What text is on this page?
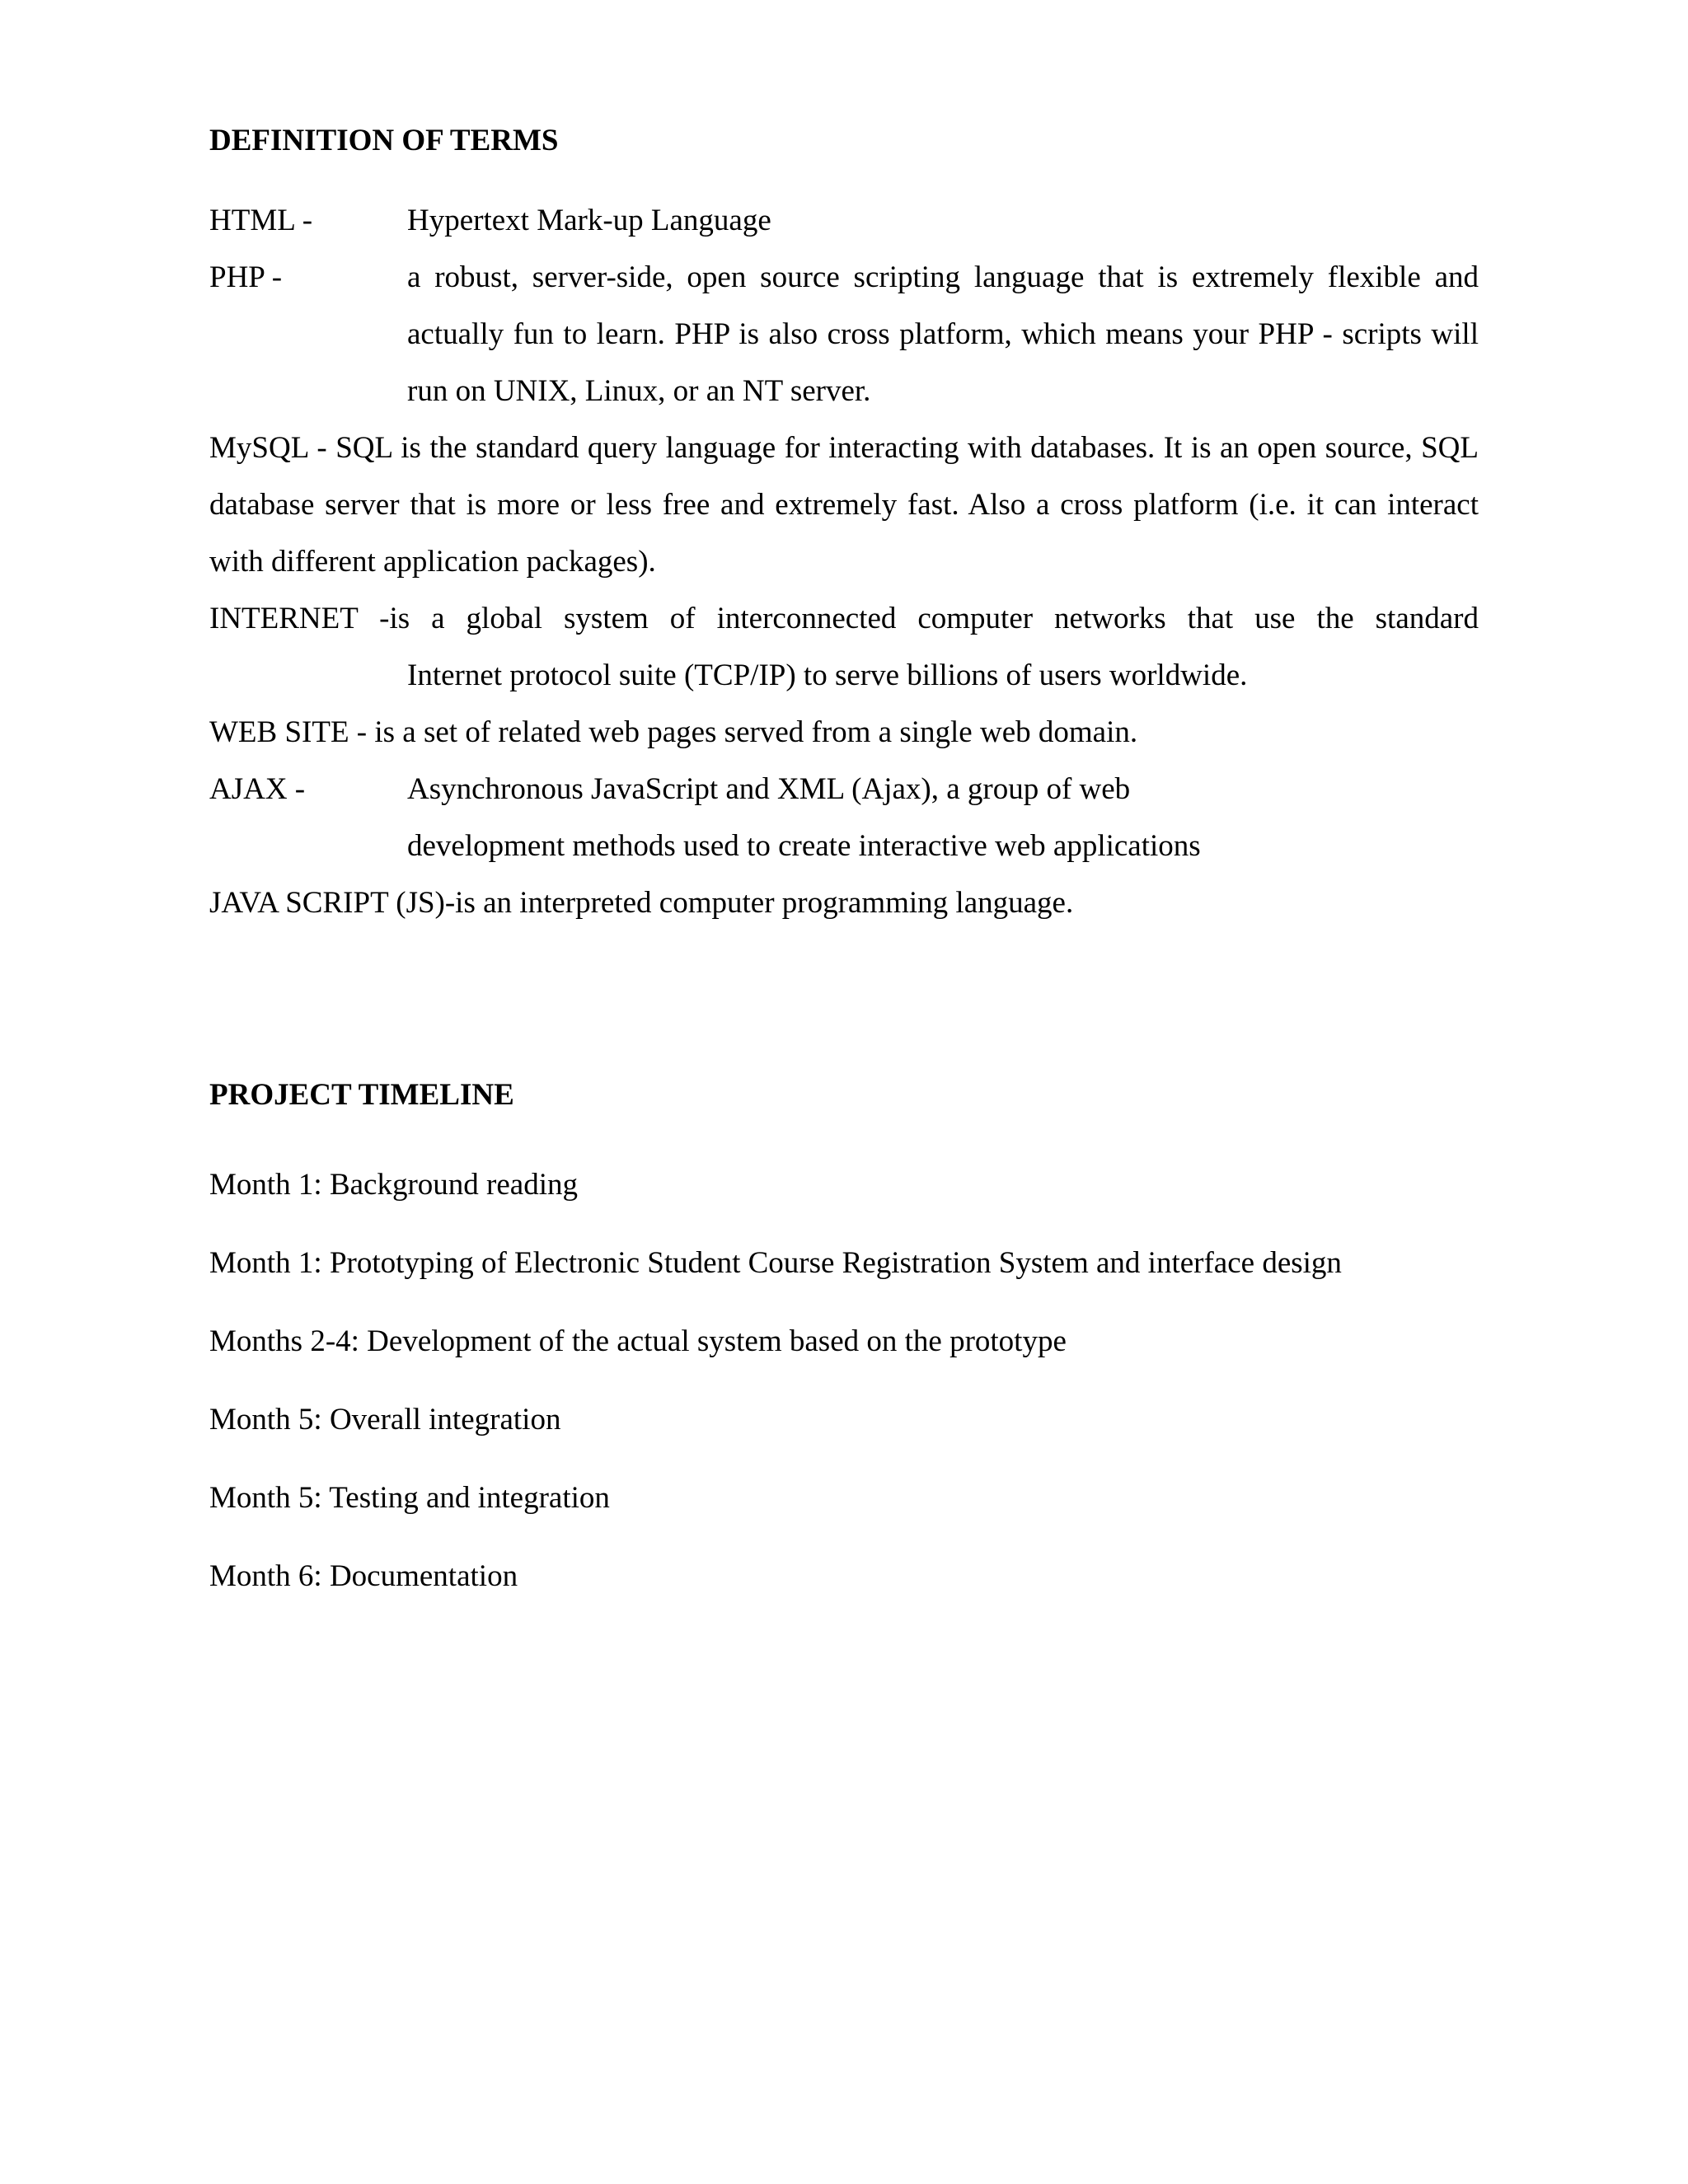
DEFINITION OF TERMS
HTML -	Hypertext Mark-up Language
PHP -	a robust, server-side, open source scripting language that is extremely flexible and actually fun to learn. PHP is also cross platform, which means your PHP - scripts will run on UNIX, Linux, or an NT server.
MySQL - SQL is the standard query language for interacting with databases. It is an open source, SQL database server that is more or less free and extremely fast. Also a cross platform (i.e. it can interact with different application packages).
INTERNET -is a global system of interconnected computer networks that use the standard
Internet protocol suite (TCP/IP) to serve billions of users worldwide.
WEB SITE - is a set of related web pages served from a single web domain.
AJAX -	Asynchronous JavaScript and XML (Ajax), a group of web
development methods used to create interactive web applications
JAVA SCRIPT (JS)-is an interpreted computer programming language.
PROJECT TIMELINE
Month 1: Background reading
Month 1: Prototyping of Electronic Student Course Registration System and interface design
Months 2-4: Development of the actual system based on the prototype
Month 5: Overall integration
Month 5: Testing and integration
Month 6: Documentation
